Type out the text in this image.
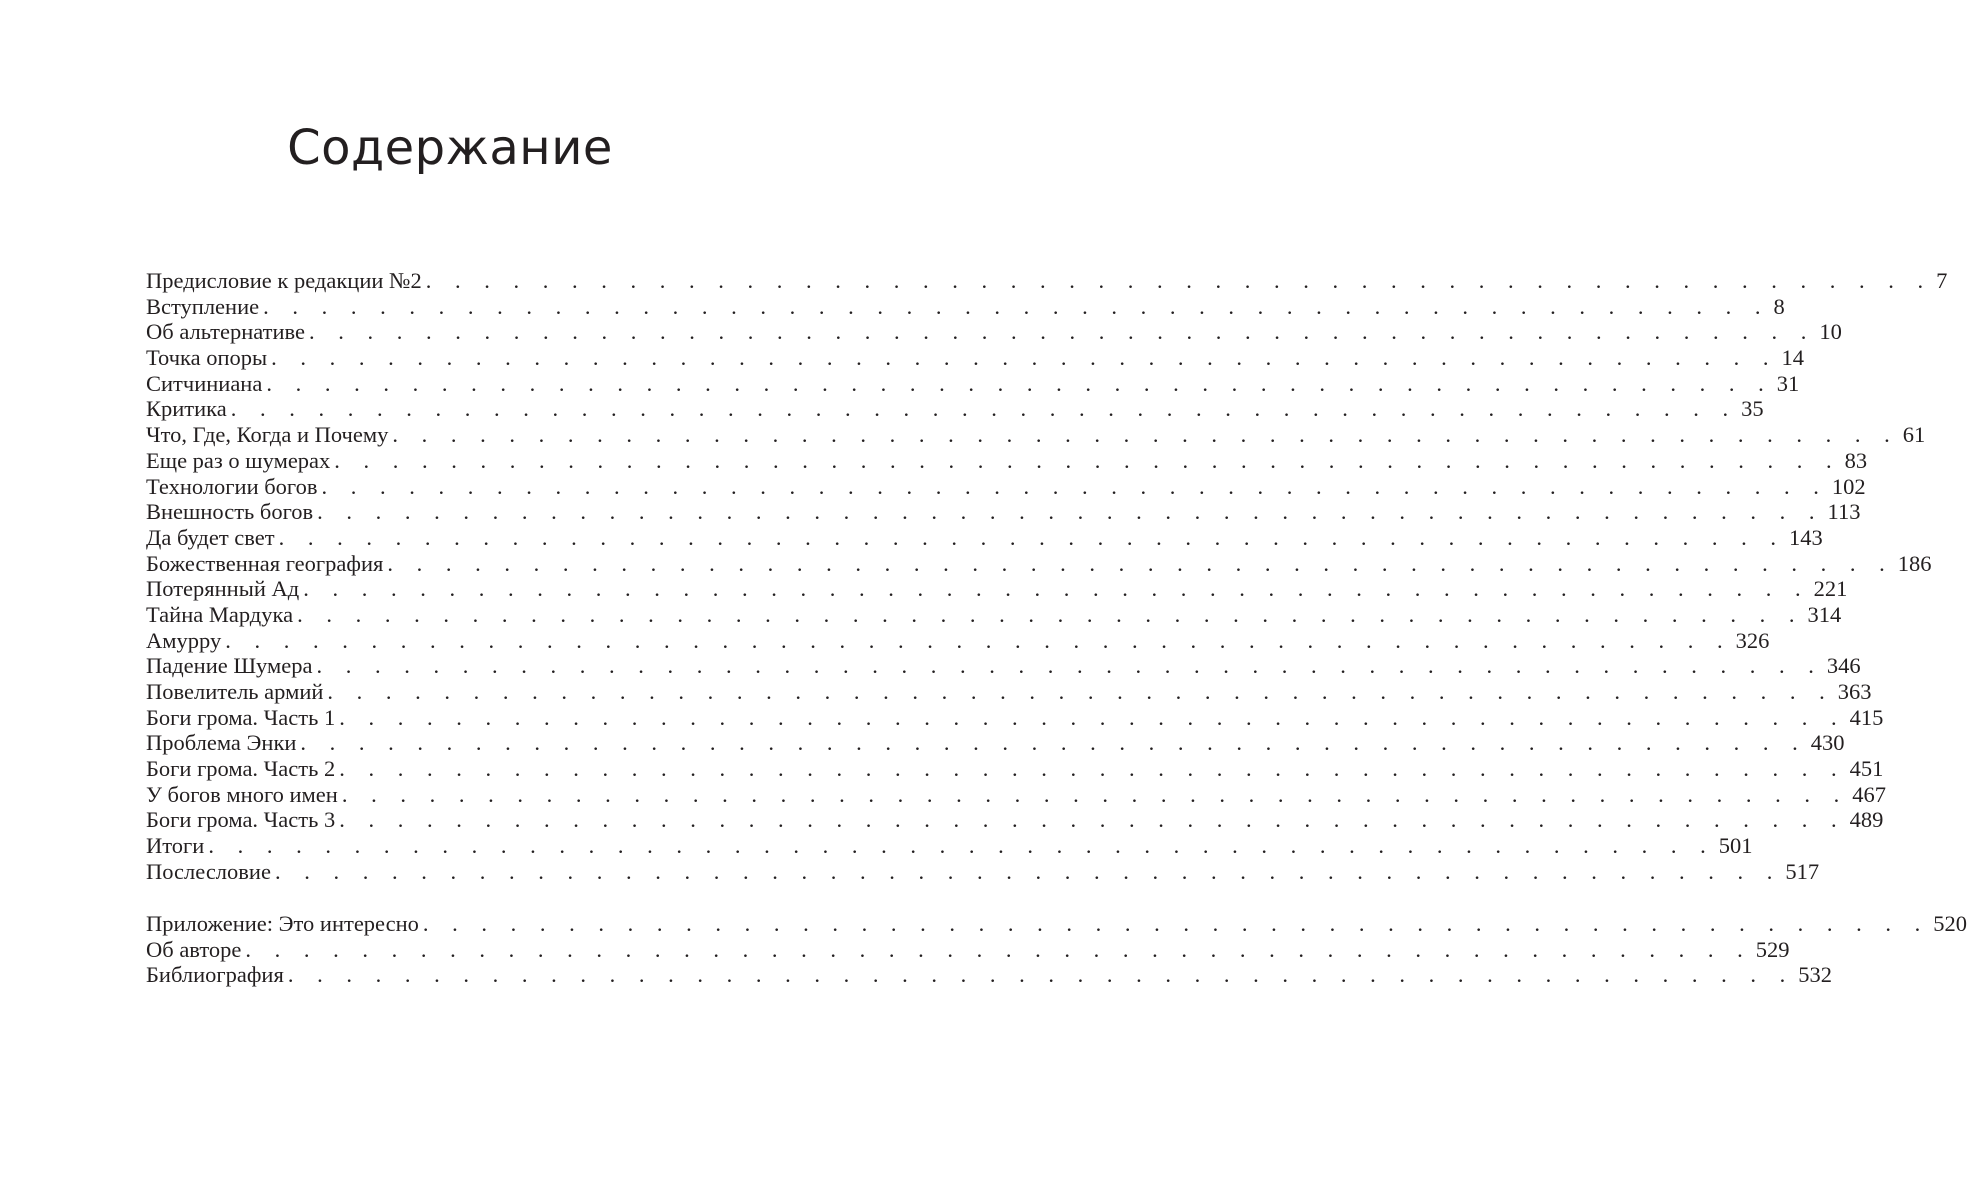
Содержание
Предисловие к редакции №2 . . . . . . . . . . . . . . . . . . . . . . . . . . . . . . . . . . . . . . . . . . . . . . . . . . . . 7
Вступление . . . . . . . . . . . . . . . . . . . . . . . . . . . . . . . . . . . . . . . . . . . . . . . . . . . . 8
Об альтернативе . . . . . . . . . . . . . . . . . . . . . . . . . . . . . . . . . . . . . . . . . . . . . . . . . . . . 10
Точка опоры . . . . . . . . . . . . . . . . . . . . . . . . . . . . . . . . . . . . . . . . . . . . . . . . . . . . 14
Ситчиниана . . . . . . . . . . . . . . . . . . . . . . . . . . . . . . . . . . . . . . . . . . . . . . . . . . . . 31
Критика . . . . . . . . . . . . . . . . . . . . . . . . . . . . . . . . . . . . . . . . . . . . . . . . . . . . 35
Что, Где, Когда и Почему . . . . . . . . . . . . . . . . . . . . . . . . . . . . . . . . . . . . . . . . . . . . . . . . . . . . 61
Еще раз о шумерах . . . . . . . . . . . . . . . . . . . . . . . . . . . . . . . . . . . . . . . . . . . . . . . . . . . . 83
Технологии богов . . . . . . . . . . . . . . . . . . . . . . . . . . . . . . . . . . . . . . . . . . . . . . . . . . . . 102
Внешность богов . . . . . . . . . . . . . . . . . . . . . . . . . . . . . . . . . . . . . . . . . . . . . . . . . . . . 113
Да будет свет . . . . . . . . . . . . . . . . . . . . . . . . . . . . . . . . . . . . . . . . . . . . . . . . . . . . 143
Божественная география . . . . . . . . . . . . . . . . . . . . . . . . . . . . . . . . . . . . . . . . . . . . . . . . . . . . 186
Потерянный Ад . . . . . . . . . . . . . . . . . . . . . . . . . . . . . . . . . . . . . . . . . . . . . . . . . . . . 221
Тайна Мардука . . . . . . . . . . . . . . . . . . . . . . . . . . . . . . . . . . . . . . . . . . . . . . . . . . . . 314
Амурру . . . . . . . . . . . . . . . . . . . . . . . . . . . . . . . . . . . . . . . . . . . . . . . . . . . . 326
Падение Шумера . . . . . . . . . . . . . . . . . . . . . . . . . . . . . . . . . . . . . . . . . . . . . . . . . . . . 346
Повелитель армий . . . . . . . . . . . . . . . . . . . . . . . . . . . . . . . . . . . . . . . . . . . . . . . . . . . . 363
Боги грома. Часть 1 . . . . . . . . . . . . . . . . . . . . . . . . . . . . . . . . . . . . . . . . . . . . . . . . . . . . 415
Проблема Энки . . . . . . . . . . . . . . . . . . . . . . . . . . . . . . . . . . . . . . . . . . . . . . . . . . . . 430
Боги грома. Часть 2 . . . . . . . . . . . . . . . . . . . . . . . . . . . . . . . . . . . . . . . . . . . . . . . . . . . . 451
У богов много имен . . . . . . . . . . . . . . . . . . . . . . . . . . . . . . . . . . . . . . . . . . . . . . . . . . . . 467
Боги грома. Часть 3 . . . . . . . . . . . . . . . . . . . . . . . . . . . . . . . . . . . . . . . . . . . . . . . . . . . . 489
Итоги . . . . . . . . . . . . . . . . . . . . . . . . . . . . . . . . . . . . . . . . . . . . . . . . . . . . 501
Послесловие . . . . . . . . . . . . . . . . . . . . . . . . . . . . . . . . . . . . . . . . . . . . . . . . . . . . 517
Приложение: Это интересно . . . . . . . . . . . . . . . . . . . . . . . . . . . . . . . . . . . . . . . . . . . . . . . . . . . . 520
Об авторе . . . . . . . . . . . . . . . . . . . . . . . . . . . . . . . . . . . . . . . . . . . . . . . . . . . . 529
Библиография . . . . . . . . . . . . . . . . . . . . . . . . . . . . . . . . . . . . . . . . . . . . . . . . . . . . 532
